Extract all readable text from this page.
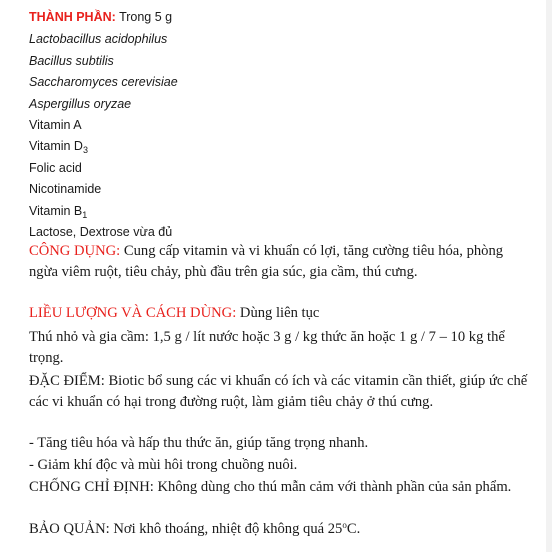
THÀNH PHẦN: Trong 5 g
Lactobacillus acidophilus
Bacillus subtilis
Saccharomyces cerevisiae
Aspergillus oryzae
Vitamin A
Vitamin $D_3$
Folic acid
Nicotinamide
Vitamin $B_1$
Lactose, Dextrose vừa đủ
CÔNG DỤNG: Cung cấp vitamin và vi khuẩn có lợi, tăng cường tiêu hóa, phòng ngừa viêm ruột, tiêu chảy, phù đầu trên gia súc, gia cầm, thú cưng.
LIỀU LƯỢNG VÀ CÁCH DÙNG: Dùng liên tục
Thú nhỏ và gia cầm: 1,5 g / lít nước hoặc 3 g / kg thức ăn hoặc 1 g / 7 – 10 kg thể trọng.
ĐẶC ĐIỂM: Biotic bổ sung các vi khuẩn có ích và các vitamin cần thiết, giúp ức chế các vi khuẩn có hại trong đường ruột, làm giảm tiêu chảy ở thú cưng.
- Tăng tiêu hóa và hấp thu thức ăn, giúp tăng trọng nhanh.
- Giảm khí độc và mùi hôi trong chuồng nuôi.
CHỐNG CHỈ ĐỊNH: Không dùng cho thú mẫn cảm với thành phần của sản phẩm.
BẢO QUẢN: Nơi khô thoáng, nhiệt độ không quá 25$^o$C.
